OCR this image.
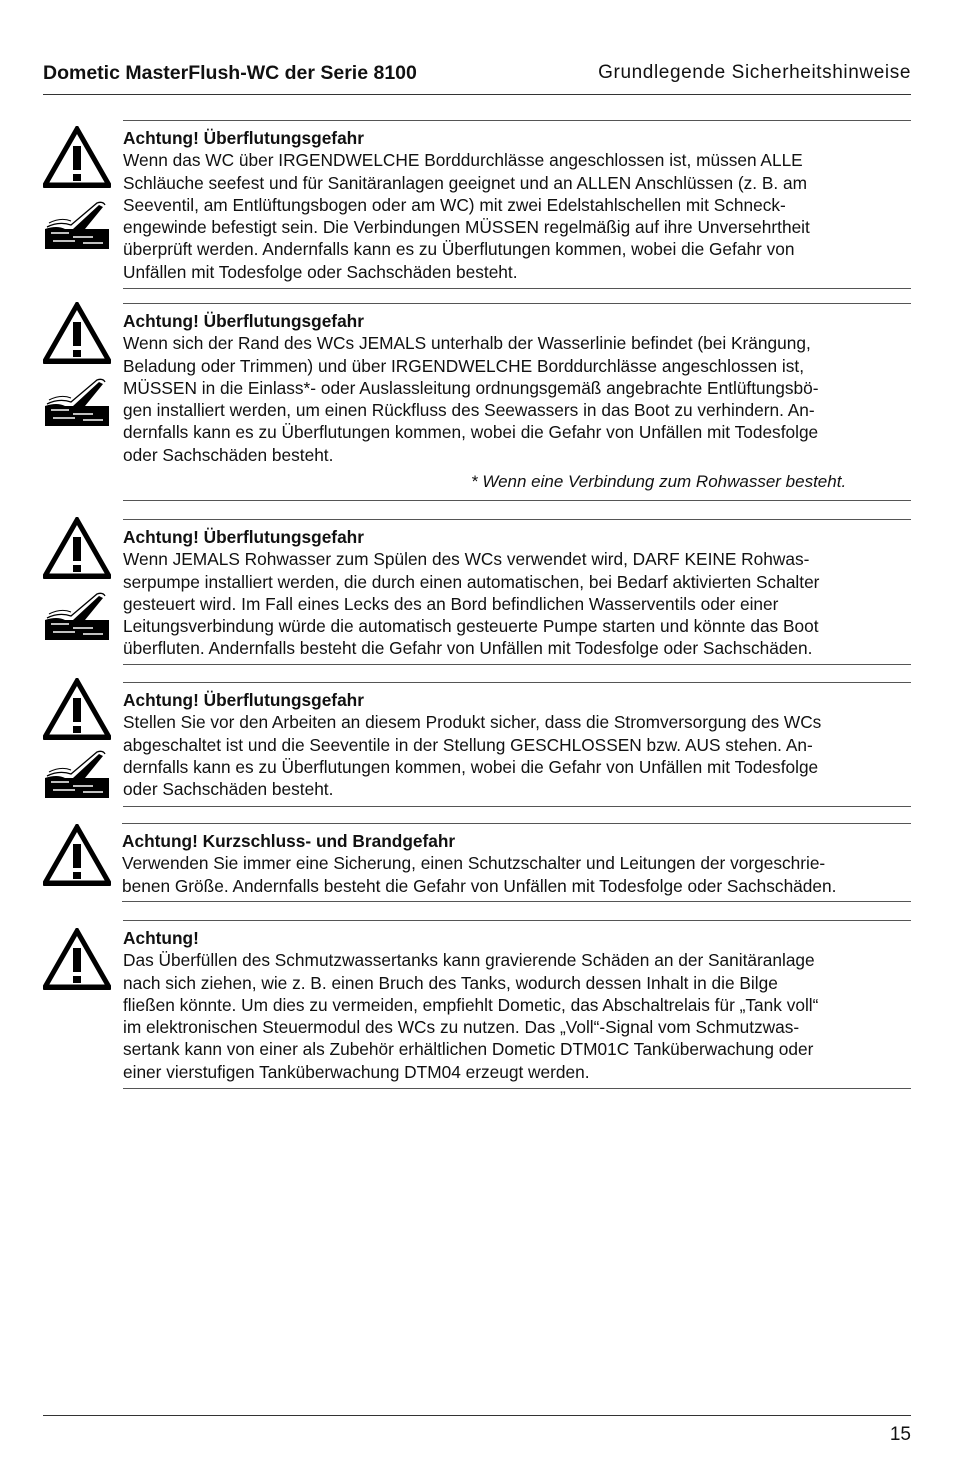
Dometic MasterFlush-WC der Serie 8100	Grundlegende Sicherheitshinweise
Achtung! Überflutungsgefahr
Wenn das WC über IRGENDWELCHE Borddurchlässe angeschlossen ist, müssen ALLE
Schläuche seefest und für Sanitäranlagen geeignet und an ALLEN Anschlüssen (z. B. am
Seeventil, am Entlüftungsbogen oder am WC) mit zwei Edelstahlschellen mit Schneck-
engewinde befestigt sein. Die Verbindungen MÜSSEN regelmäßig auf ihre Unversehrtheit
überprüft werden. Andernfalls kann es zu Überflutungen kommen, wobei die Gefahr von
Unfällen mit Todesfolge oder Sachschäden besteht.
Achtung! Überflutungsgefahr
Wenn sich der Rand des WCs JEMALS unterhalb der Wasserlinie befindet (bei Krängung,
Beladung oder Trimmen) und über IRGENDWELCHE Borddurchlässe angeschlossen ist,
MÜSSEN in die Einlass*- oder Auslassleitung ordnungsgemäß angebrachte Entlüftungsbö-
gen installiert werden, um einen Rückfluss des Seewassers in das Boot zu verhindern. An-
dernfalls kann es zu Überflutungen kommen, wobei die Gefahr von Unfällen mit Todesfolge
oder Sachschäden besteht.
* Wenn eine Verbindung zum Rohwasser besteht.
Achtung! Überflutungsgefahr
Wenn JEMALS Rohwasser zum Spülen des WCs verwendet wird, DARF KEINE Rohwas-
serpumpe installiert werden, die durch einen automatischen, bei Bedarf aktivierten Schalter
gesteuert wird. Im Fall eines Lecks des an Bord befindlichen Wasserventils oder einer
Leitungsverbindung würde die automatisch gesteuerte Pumpe starten und könnte das Boot
überfluten. Andernfalls besteht die Gefahr von Unfällen mit Todesfolge oder Sachschäden.
Achtung! Überflutungsgefahr
Stellen Sie vor den Arbeiten an diesem Produkt sicher, dass die Stromversorgung des WCs
abgeschaltet ist und die Seeventile in der Stellung GESCHLOSSEN bzw. AUS stehen. An-
dernfalls kann es zu Überflutungen kommen, wobei die Gefahr von Unfällen mit Todesfolge
oder Sachschäden besteht.
Achtung! Kurzschluss- und Brandgefahr
Verwenden Sie immer eine Sicherung, einen Schutzschalter und Leitungen der vorgeschrie-
benen Größe. Andernfalls besteht die Gefahr von Unfällen mit Todesfolge oder Sachschäden.
Achtung!
Das Überfüllen des Schmutzwassertanks kann gravierende Schäden an der Sanitäranlage
nach sich ziehen, wie z. B. einen Bruch des Tanks, wodurch dessen Inhalt in die Bilge
fließen könnte. Um dies zu vermeiden, empfiehlt Dometic, das Abschaltrelais für „Tank voll“
im elektronischen Steuermodul des WCs zu nutzen. Das „Voll“-Signal vom Schmutzwas-
sertank kann von einer als Zubehör erhältlichen Dometic DTM01C Tanküberwachung oder
einer vierstufigen Tanküberwachung DTM04 erzeugt werden.
15
